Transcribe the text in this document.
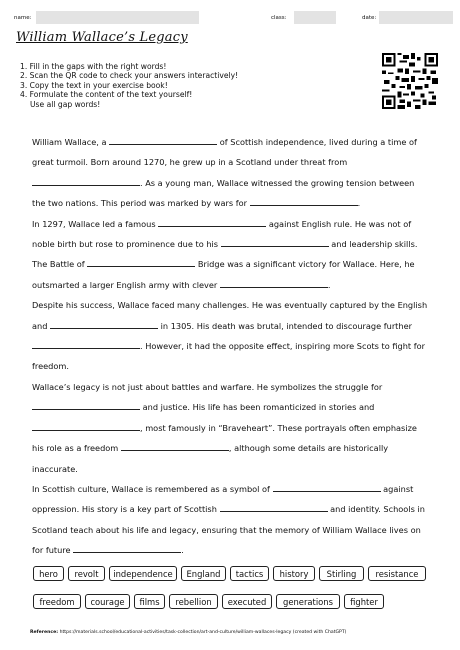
name:	class:	date:
William Wallace’s Legacy
1. Fill in the gaps with the right words!
2. Scan the QR code to check your answers interactively!
3. Copy the text in your exercise book!
4. Formulate the content of the text yourself!
Use all gap words!

William Wallace, a	of Scottish independence, lived during a time of great turmoil. Born around 1270, he grew up in a Scotland under threat from . As a young man, Wallace witnessed the growing tension between the two nations. This period was marked by wars for	.

In 1297, Wallace led a famous	against English rule. He was not of noble birth but rose to prominence due to his	and leadership skills. The Battle of	Bridge was a significant victory for Wallace. Here, he outsmarted a larger English army with clever	.

Despite his success, Wallace faced many challenges. He was eventually captured by the English and	in 1305. His death was brutal, intended to discourage further . However, it had the opposite effect, inspiring more Scots to fight for freedom.

Wallace’s legacy is not just about battles and warfare. He symbolizes the struggle for  and justice. His life has been romanticized in stories and , most famously in “Braveheart”. These portrayals often emphasize his role as a freedom	, although some details are historically inaccurate.

In Scottish culture, Wallace is remembered as a symbol of	against oppression. His story is a key part of Scottish	and identity. Schools in Scotland teach about his life and legacy, ensuring that the memory of William Wallace lives on for future	.

hero	revolt	independence	England	tactics	history	Stirling	resistance
freedom	courage	films	rebellion	executed	generations	fighter
Reference: https://materials.school/educational-activities/task-collection/art-and-culture/william-wallaces-legacy (created with ChatGPT)
